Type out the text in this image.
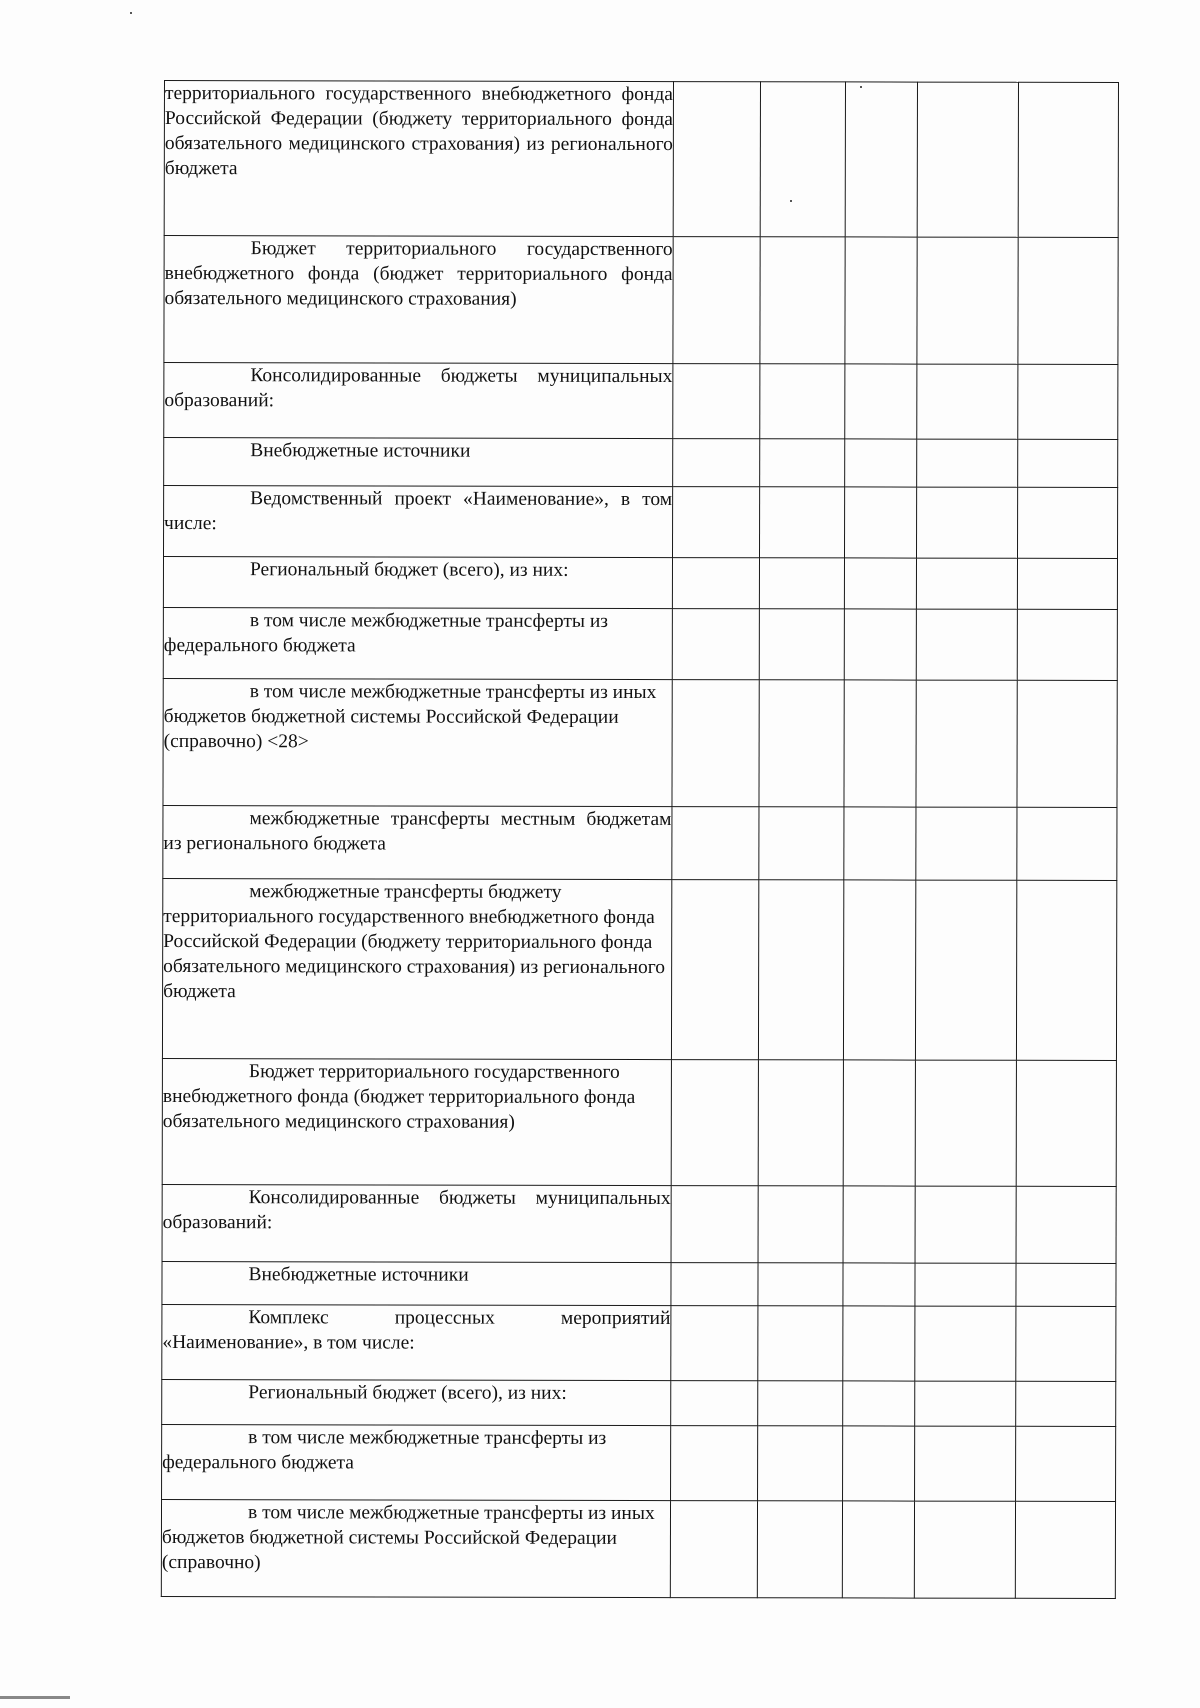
территориального государственного внебюджетного фонда Российской Федерации (бюджету территориального фонда обязательного медицинского страхования) из регионального бюджета					
Бюджет территориального государственного внебюджетного фонда (бюджет территориального фонда обязательного медицинского страхования)					
Консолидированные бюджеты муниципальных образований:					
Внебюджетные источники					
Ведомственный проект «Наименование», в том числе:					
Региональный бюджет (всего), из них:					
в том числе межбюджетные трансферты из федерального бюджета					
в том числе межбюджетные трансферты из иных бюджетов бюджетной системы Российской Федерации (справочно) <28>					
межбюджетные трансферты местным бюджетам из регионального бюджета					
межбюджетные трансферты бюджету территориального государственного внебюджетного фонда Российской Федерации (бюджету территориального фонда обязательного медицинского страхования) из регионального бюджета					
Бюджет территориального государственного внебюджетного фонда (бюджет территориального фонда обязательного медицинского страхования)					
Консолидированные бюджеты муниципальных образований:					
Внебюджетные источники					
Комплекс процессных мероприятий «Наименование», в том числе:					
Региональный бюджет (всего), из них:					
в том числе межбюджетные трансферты из федерального бюджета					
в том числе межбюджетные трансферты из иных бюджетов бюджетной системы Российской Федерации (справочно)					
